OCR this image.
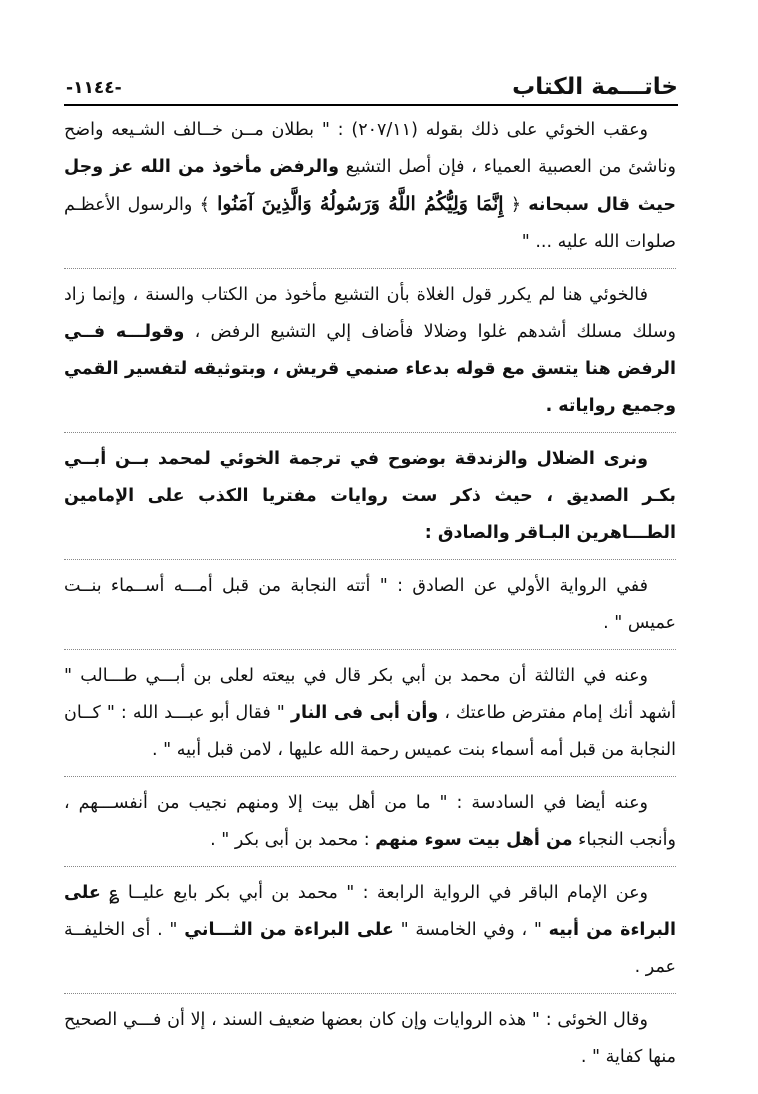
خاتـــمة الكتاب
-١١٤٤-

وعقب الخوئي على ذلك بقوله (٢٠٧/١١) : " بطلان مــن خــالف الشـيعه واضح وناشئ من العصبية العمياء ، فإن أصل التشيع والرفض مأخوذ من الله عز وجل حيث قال سبحانه ﴿ إِنَّمَا وَلِيُّكُمُ اللَّهُ وَرَسُولُهُ وَالَّذِينَ آمَنُوا ﴾ والرسول الأعظـم صلوات الله عليه ... "

فالخوئي هنا لم يكرر قول الغلاة بأن التشيع مأخوذ من الكتاب والسنة ، وإنما زاد وسلك مسلك أشدهم غلوا وضلالا فأضاف إلي التشيع الرفض ، وقولـــه فــي الرفض هنا يتسق مع قوله بدعاء صنمي قريش ، وبتوثيقه لتفسير القمي وجميع رواياته .

ونرى الضلال والزندقة بوضوح في ترجمة الخوئي لمحمد بــن أبــي بكـر الصديق ، حيث ذكر ست روايات مفتريا الكذب على الإمامين الطـــاهرين البـاقر والصادق :

ففي الرواية الأولي عن الصادق : " أتته النجابة من قبل أمـــه أســماء بنــت عميس " .

وعنه في الثالثة أن محمد بن أبي بكر قال في بيعته لعلى بن أبـــي طـــالب " أشهد أنك إمام مفترض طاعتك ، وأن أبى فى النار " فقال أبو عبـــد الله : " كــان النجابة من قبل أمه أسماء بنت عميس رحمة الله عليها ، لامن قبل أبيه " .

وعنه أيضا في السادسة : " ما من أهل بيت إلا ومنهم نجيب من أنفســـهم ، وأنجب النجباء من أهل بيت سوء منهم : محمد بن أبى بكر " .

وعن الإمام الباقر في الرواية الرابعة : " محمد بن أبي بكر بايع عليــا ؏ على البراءة من أبيه " ، وفي الخامسة " على البراءة من الثـــاني " . أى الخليفــة عمر .

وقال الخوئى : " هذه الروايات وإن كان بعضها ضعيف السند ، إلا أن فـــي الصحيح منها كفاية " .
